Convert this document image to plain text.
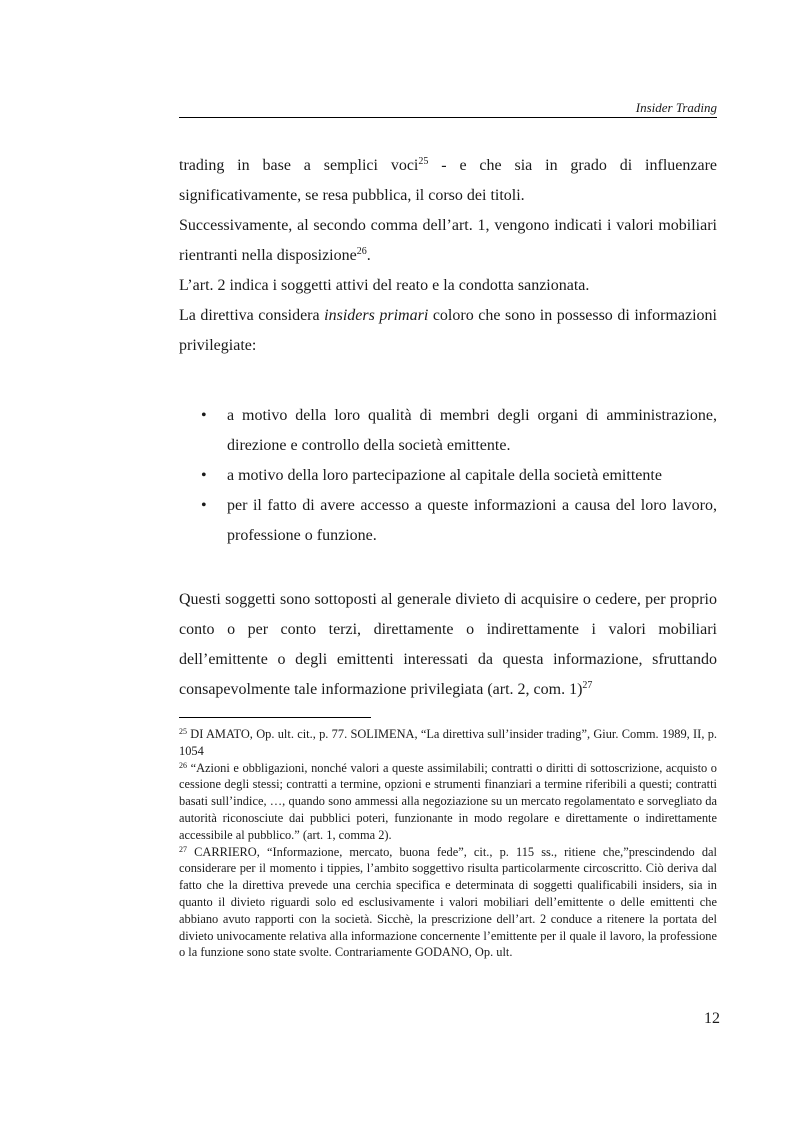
Insider Trading

trading in base a semplici voci$^{25}$ - e che sia in grado di influenzare significativamente, se resa pubblica, il corso dei titoli.

Successivamente, al secondo comma dell’art. 1, vengono indicati i valori mobiliari rientranti nella disposizione$^{26}$.

L’art. 2 indica i soggetti attivi del reato e la condotta sanzionata.

La direttiva considera insiders primari coloro che sono in possesso di informazioni privilegiate:

• a motivo della loro qualità di membri degli organi di amministrazione, direzione e controllo della società emittente.
• a motivo della loro partecipazione al capitale della società emittente
• per il fatto di avere accesso a queste informazioni a causa del loro lavoro, professione o funzione.

Questi soggetti sono sottoposti al generale divieto di acquisire o cedere, per proprio conto o per conto terzi, direttamente o indirettamente i valori mobiliari dell’emittente o degli emittenti interessati da questa informazione, sfruttando consapevolmente tale informazione privilegiata (art. 2, com. 1)$^{27}$

$^{25}$ DI AMATO, Op. ult. cit., p. 77. SOLIMENA, “La direttiva sull’insider trading”, Giur. Comm. 1989, II, p. 1054

$^{26}$ “Azioni e obbligazioni, nonché valori a queste assimilabili; contratti o diritti di sottoscrizione, acquisto o cessione degli stessi; contratti a termine, opzioni e strumenti finanziari a termine riferibili a questi; contratti basati sull’indice, …, quando sono ammessi alla negoziazione su un mercato regolamentato e sorvegliato da autorità riconosciute dai pubblici poteri, funzionante in modo regolare e direttamente o indirettamente accessibile al pubblico.” (art. 1, comma 2).

$^{27}$ CARRIERO, “Informazione, mercato, buona fede”, cit., p. 115 ss., ritiene che,”prescindendo dal considerare per il momento i tippies, l’ambito soggettivo risulta particolarmente circoscritto. Ciò deriva dal fatto che la direttiva prevede una cerchia specifica e determinata di soggetti qualificabili insiders, sia in quanto il divieto riguardi solo ed esclusivamente i valori mobiliari dell’emittente o delle emittenti che abbiano avuto rapporti con la società. Sicchè, la prescrizione dell’art. 2 conduce a ritenere la portata del divieto univocamente relativa alla informazione concernente l’emittente per il quale il lavoro, la professione o la funzione sono state svolte. Contrariamente GODANO, Op. ult.

12
